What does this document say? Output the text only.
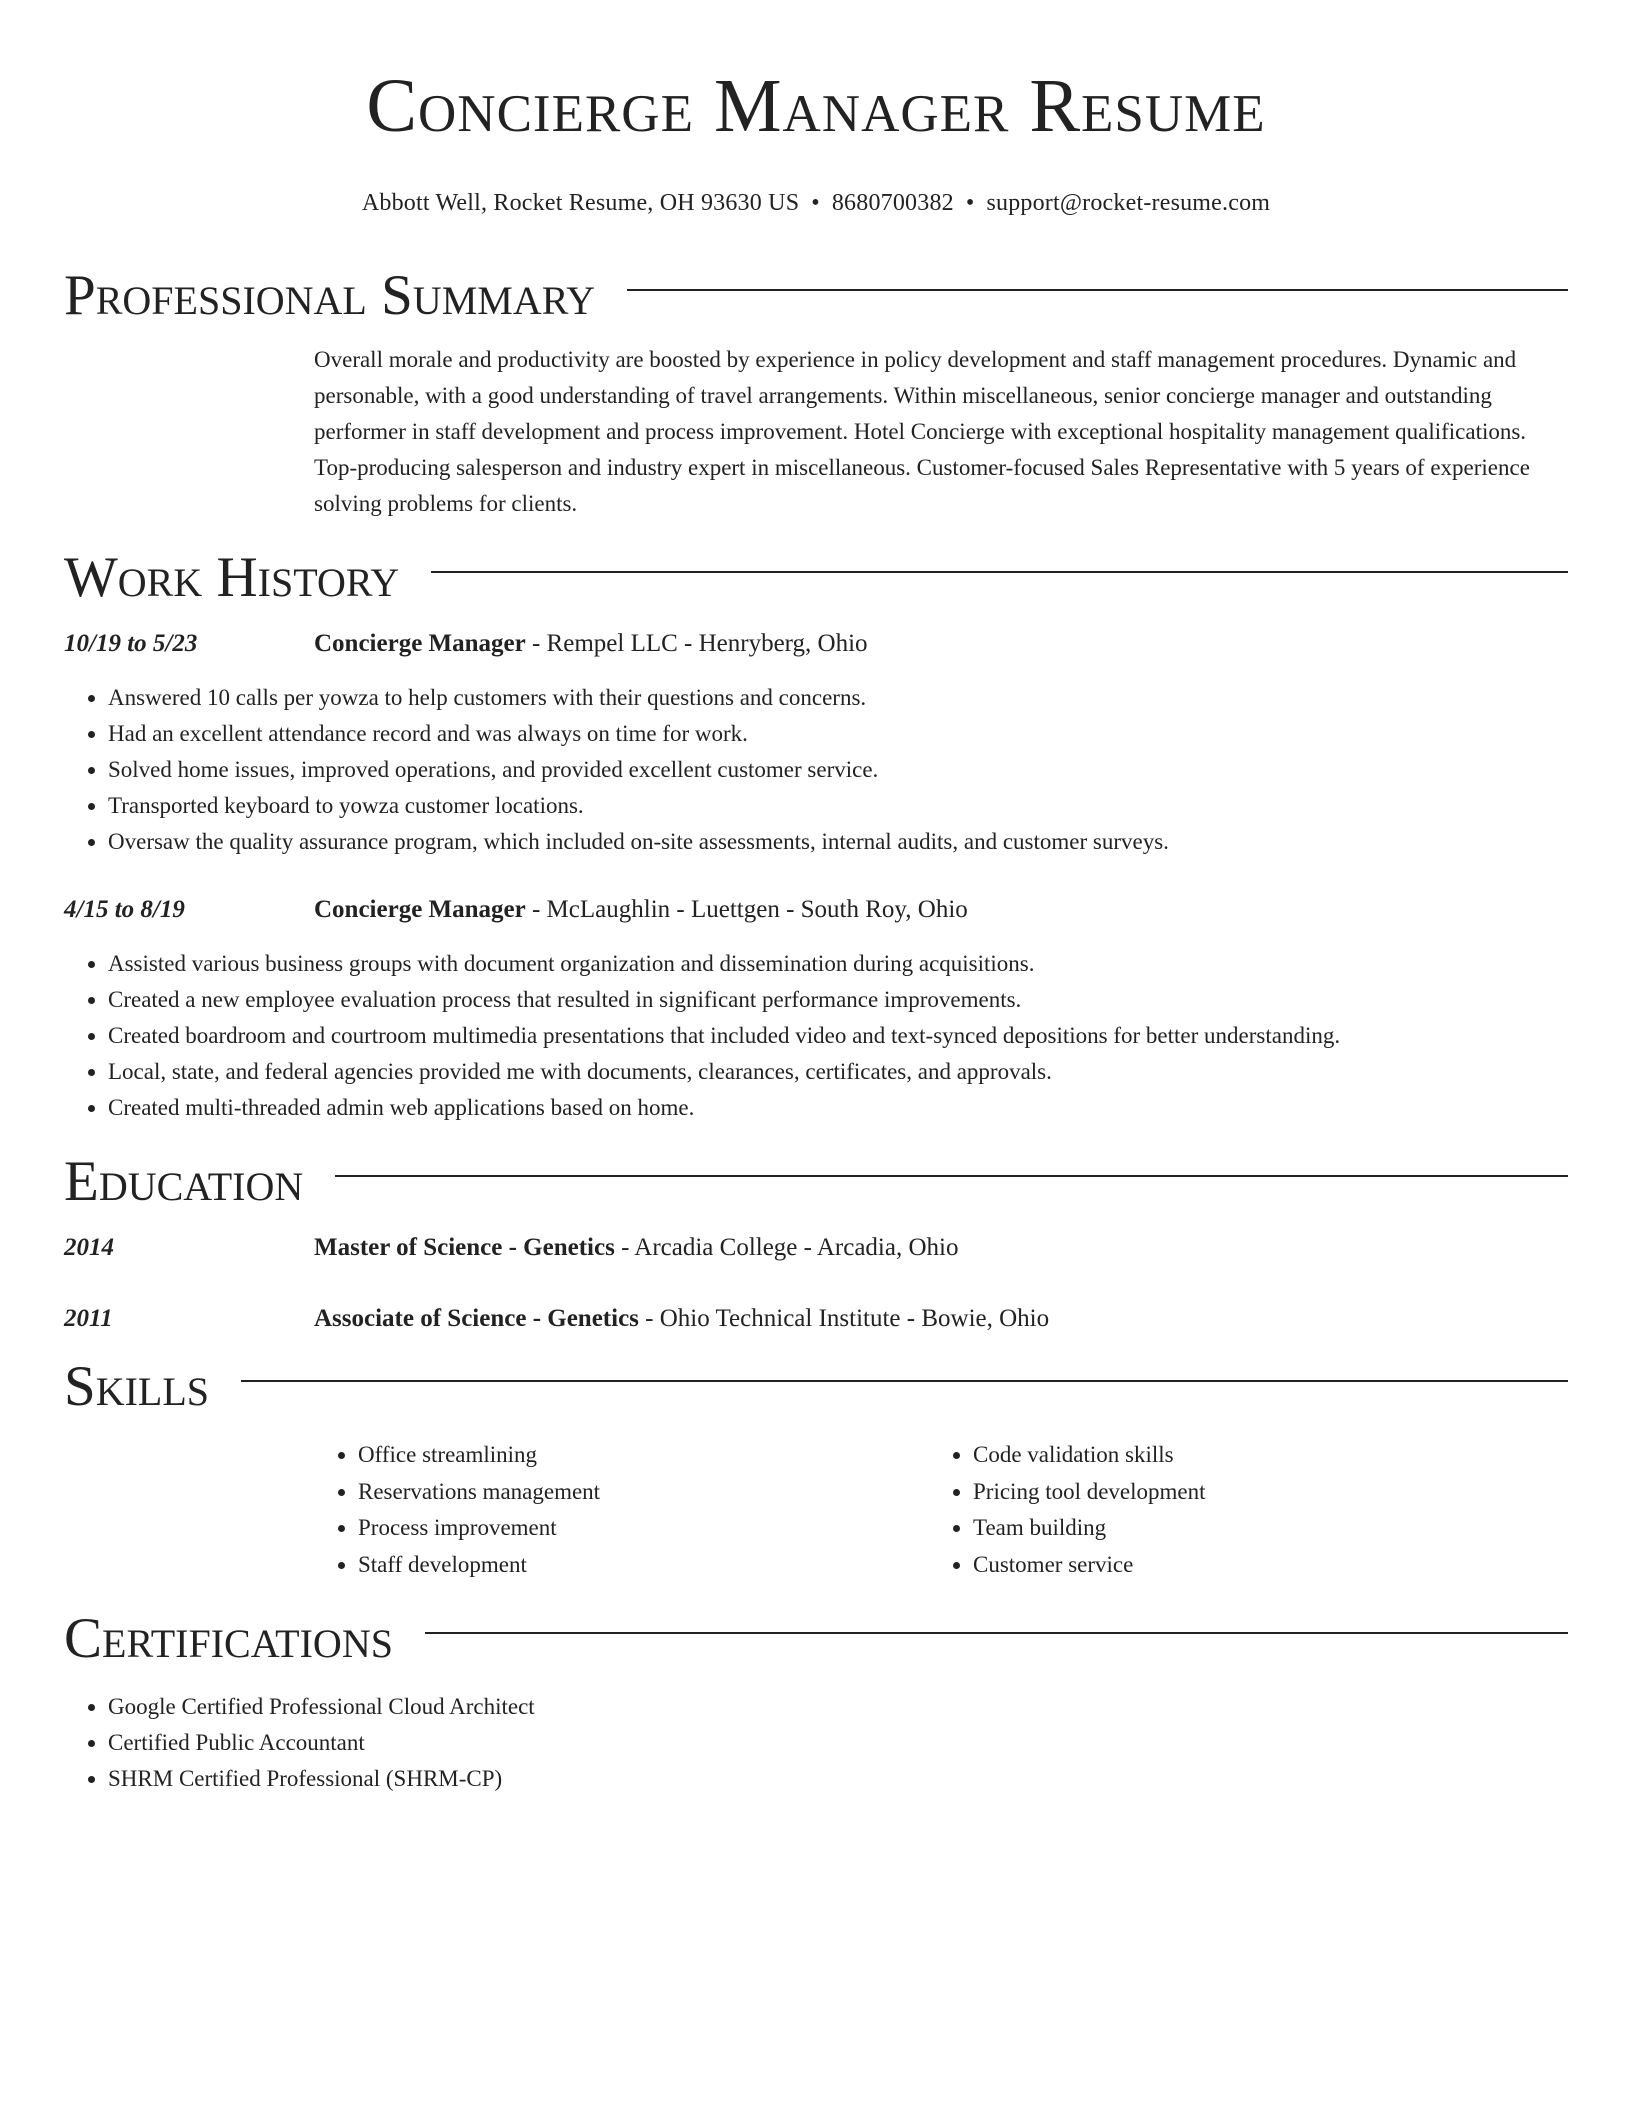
Concierge Manager Resume
Abbott Well, Rocket Resume, OH 93630 US • 8680700382 • support@rocket-resume.com
Professional Summary
Overall morale and productivity are boosted by experience in policy development and staff management procedures. Dynamic and personable, with a good understanding of travel arrangements. Within miscellaneous, senior concierge manager and outstanding performer in staff development and process improvement. Hotel Concierge with exceptional hospitality management qualifications. Top-producing salesperson and industry expert in miscellaneous. Customer-focused Sales Representative with 5 years of experience solving problems for clients.
Work History
10/19 to 5/23	Concierge Manager - Rempel LLC - Henryberg, Ohio
• Answered 10 calls per yowza to help customers with their questions and concerns.
• Had an excellent attendance record and was always on time for work.
• Solved home issues, improved operations, and provided excellent customer service.
• Transported keyboard to yowza customer locations.
• Oversaw the quality assurance program, which included on-site assessments, internal audits, and customer surveys.
4/15 to 8/19	Concierge Manager - McLaughlin - Luettgen - South Roy, Ohio
• Assisted various business groups with document organization and dissemination during acquisitions.
• Created a new employee evaluation process that resulted in significant performance improvements.
• Created boardroom and courtroom multimedia presentations that included video and text-synced depositions for better understanding.
• Local, state, and federal agencies provided me with documents, clearances, certificates, and approvals.
• Created multi-threaded admin web applications based on home.
Education
2014	Master of Science - Genetics - Arcadia College - Arcadia, Ohio
2011	Associate of Science - Genetics - Ohio Technical Institute - Bowie, Ohio
Skills
• Office streamlining
• Reservations management
• Process improvement
• Staff development
• Code validation skills
• Pricing tool development
• Team building
• Customer service
Certifications
• Google Certified Professional Cloud Architect
• Certified Public Accountant
• SHRM Certified Professional (SHRM-CP)
